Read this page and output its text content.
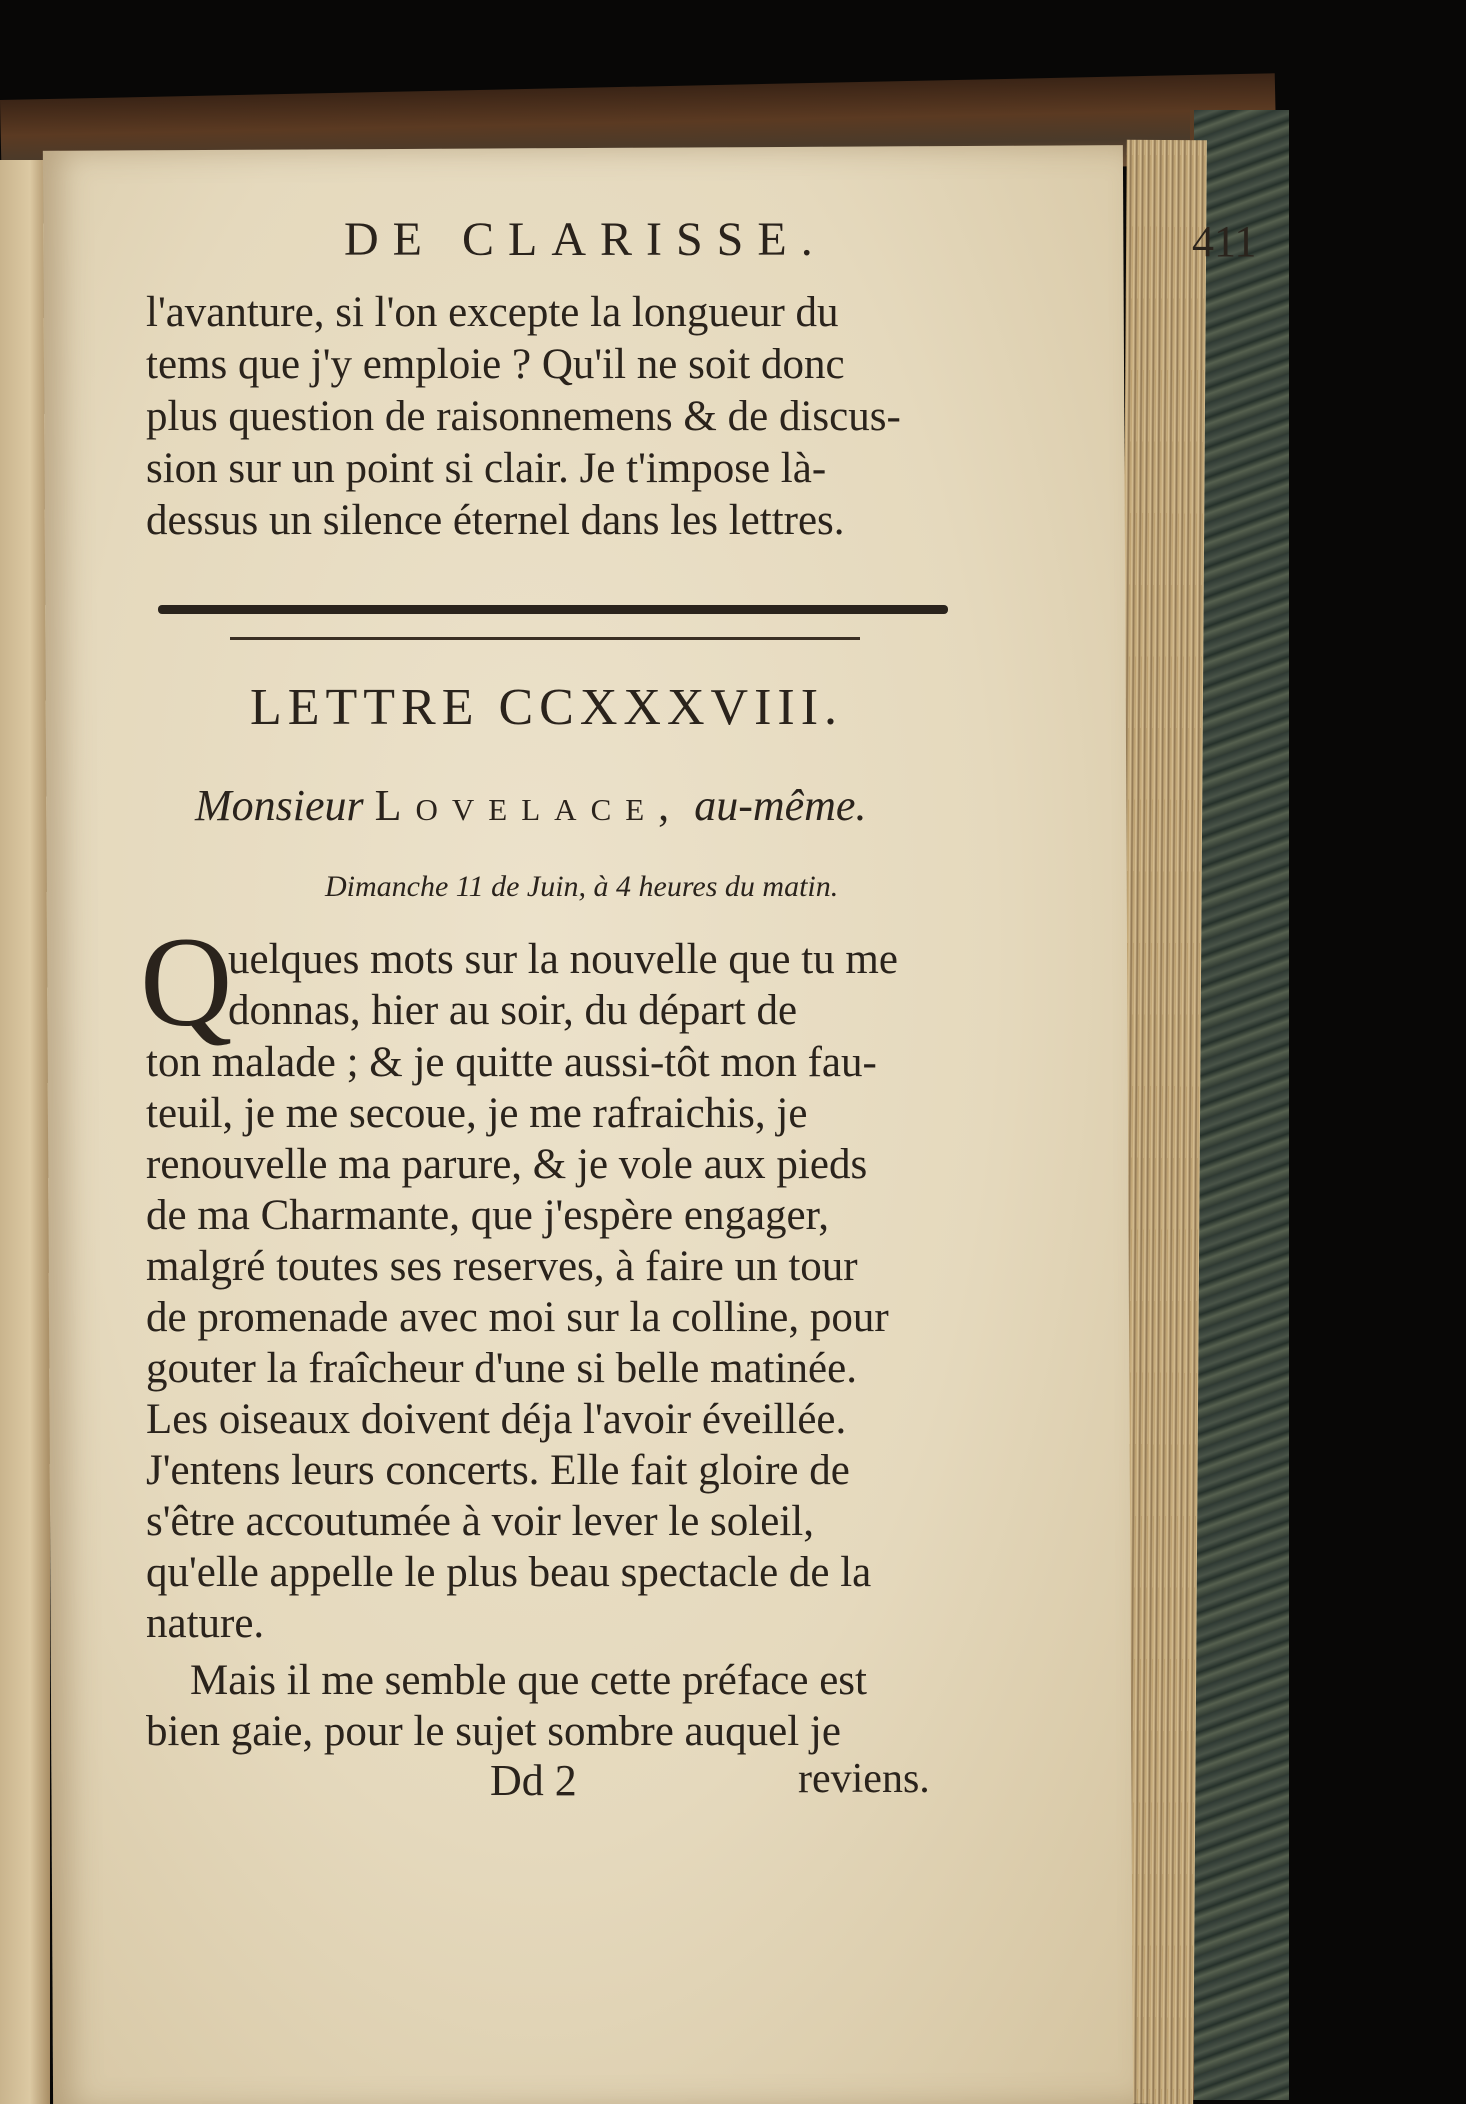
DE CLARISSE.	411
l'avanture, si l'on excepte la longueur du
tems que j'y emploie ? Qu'il ne soit donc
plus question de raisonnemens & de discus-
sion sur un point si clair. Je t'impose là-
dessus un silence éternel dans les lettres.
LETTRE CCXXXVIII.
Monsieur Lovelace, au-même.
Dimanche 11 de Juin, à 4 heures du matin.
Q
uelques mots sur la nouvelle que tu me
donnas, hier au soir, du départ de
ton malade ; & je quitte aussi-tôt mon fau-
teuil, je me secoue, je me rafraichis, je
renouvelle ma parure, & je vole aux pieds
de ma Charmante, que j'espère engager,
malgré toutes ses reserves, à faire un tour
de promenade avec moi sur la colline, pour
gouter la fraîcheur d'une si belle matinée.
Les oiseaux doivent déja l'avoir éveillée.
J'entens leurs concerts. Elle fait gloire de
s'être accoutumée à voir lever le soleil,
qu'elle appelle le plus beau spectacle de la
nature.
Mais il me semble que cette préface est
bien gaie, pour le sujet sombre auquel je
Dd 2	reviens.
